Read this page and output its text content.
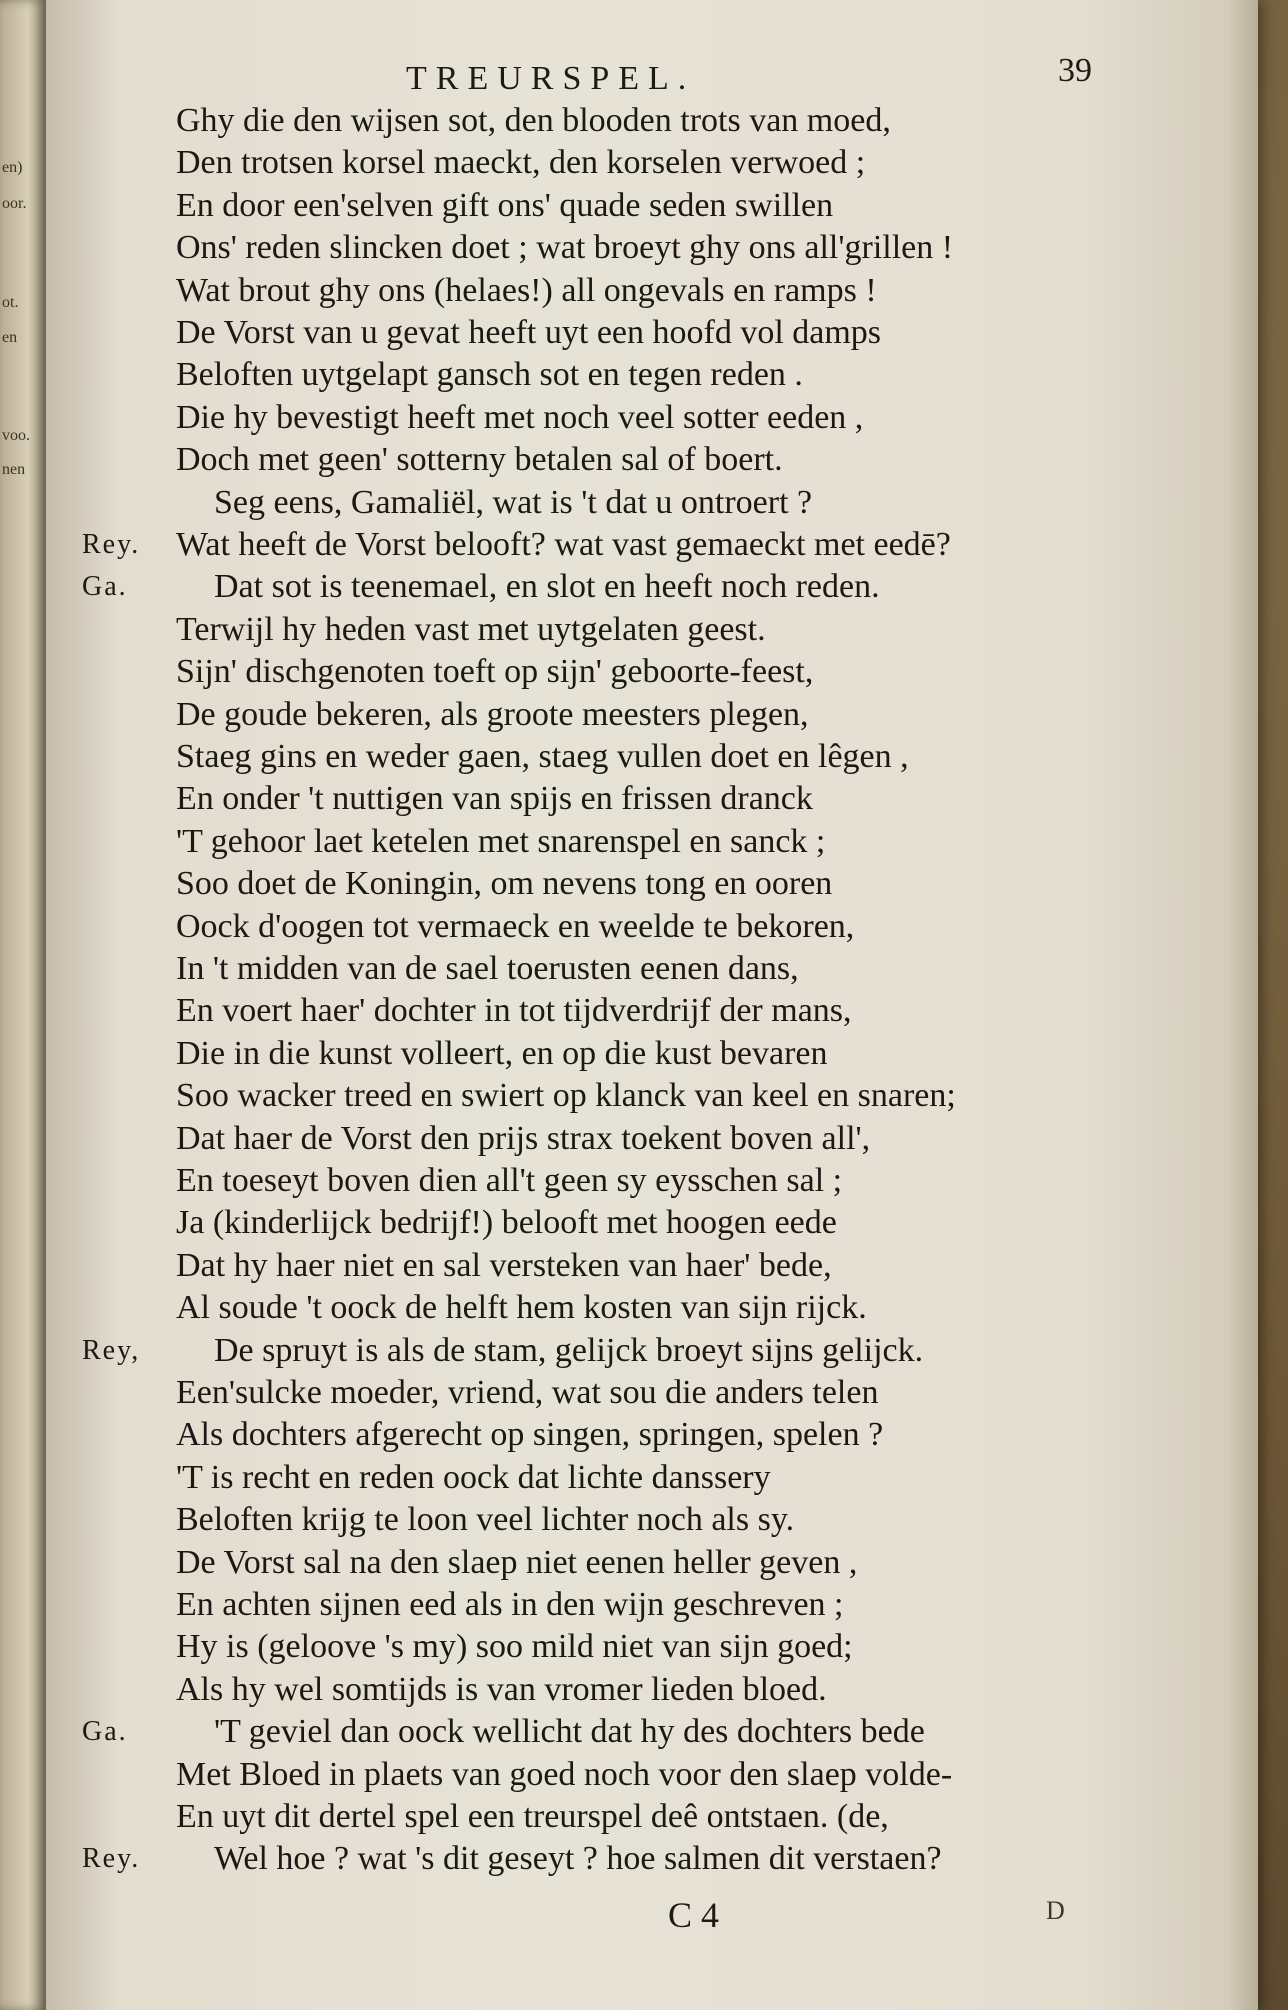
en)
oor.
ot.
en
voo.
nen
TREURSPEL.	39
Ghy die den wijsen sot, den blooden trots van moed,
Den trotsen korsel maeckt, den korselen verwoed ;
En door een'selven gift ons' quade seden swillen
Ons' reden slincken doet ; wat broeyt ghy ons all'grillen !
Wat brout ghy ons (helaes!) all ongevals en ramps !
De Vorst van u gevat heeft uyt een hoofd vol damps
Beloften uytgelapt gansch sot en tegen reden .
Die hy bevestigt heeft met noch veel sotter eeden ,
Doch met geen' sotterny betalen sal of boert.
Seg eens, Gamaliël, wat is 't dat u ontroert ?
Rey. Wat heeft de Vorst belooft? wat vast gemaeckt met eedē?
Ga.	Dat sot is teenemael, en slot en heeft noch reden.
Terwijl hy heden vast met uytgelaten geest.
Sijn' dischgenoten toeft op sijn' geboorte-feest,
De goude bekeren, als groote meesters plegen,
Staeg gins en weder gaen, staeg vullen doet en lêgen ,
En onder 't nuttigen van spijs en frissen dranck
'T gehoor laet ketelen met snarenspel en sanck ;
Soo doet de Koningin, om nevens tong en ooren
Oock d'oogen tot vermaeck en weelde te bekoren,
In 't midden van de sael toerusten eenen dans,
En voert haer' dochter in tot tijdverdrijf der mans,
Die in die kunst volleert, en op die kust bevaren
Soo wacker treed en swiert op klanck van keel en snaren;
Dat haer de Vorst den prijs strax toekent boven all',
En toeseyt boven dien all't geen sy eysschen sal ;
Ja (kinderlijck bedrijf!) belooft met hoogen eede
Dat hy haer niet en sal versteken van haer' bede,
Al soude 't oock de helft hem kosten van sijn rijck.
Rey, De spruyt is als de stam, gelijck broeyt sijns gelijck.
Een'sulcke moeder, vriend, wat sou die anders telen
Als dochters afgerecht op singen, springen, spelen ?
'T is recht en reden oock dat lichte danssery
Beloften krijg te loon veel lichter noch als sy.
De Vorst sal na den slaep niet eenen heller geven ,
En achten sijnen eed als in den wijn geschreven ;
Hy is (geloove 's my) soo mild niet van sijn goed;
Als hy wel somtijds is van vromer lieden bloed.
Ga.	'T geviel dan oock wellicht dat hy des dochters bede
Met Bloed in plaets van goed noch voor den slaep volde-
En uyt dit dertel spel een treurspel deê ontstaen. (de,
Rey. Wel hoe ? wat 's dit geseyt ? hoe salmen dit verstaen?
C 4	D
